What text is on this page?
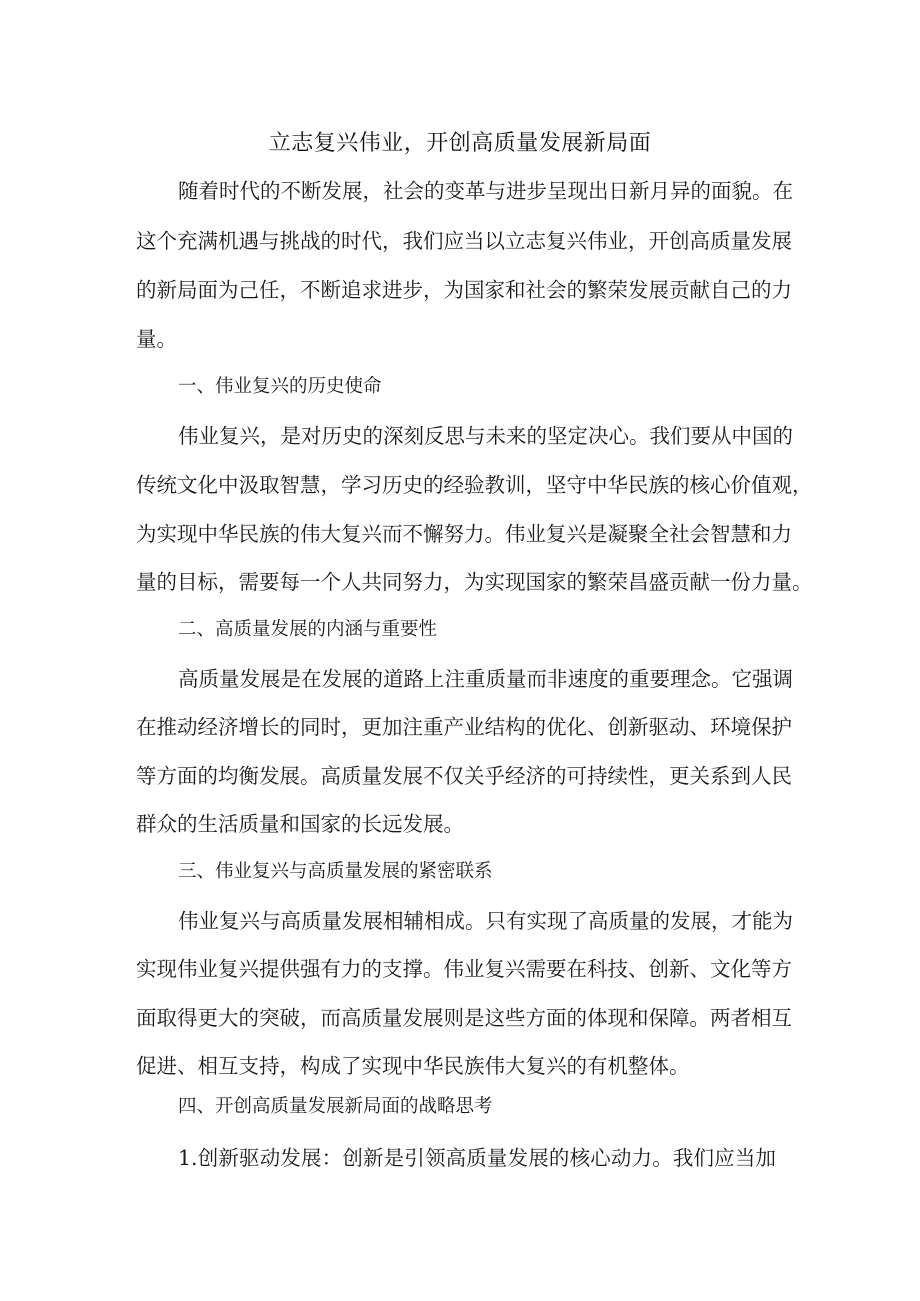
立志复兴伟业，开创高质量发展新局面

随着时代的不断发展，社会的变革与进步呈现出日新月异的面貌。在

这个充满机遇与挑战的时代，我们应当以立志复兴伟业，开创高质量发展

的新局面为己任，不断追求进步，为国家和社会的繁荣发展贡献自己的力

量。

一、伟业复兴的历史使命

伟业复兴，是对历史的深刻反思与未来的坚定决心。我们要从中国的

传统文化中汲取智慧，学习历史的经验教训，坚守中华民族的核心价值观，

为实现中华民族的伟大复兴而不懈努力。伟业复兴是凝聚全社会智慧和力

量的目标，需要每一个人共同努力，为实现国家的繁荣昌盛贡献一份力量。

二、高质量发展的内涵与重要性

高质量发展是在发展的道路上注重质量而非速度的重要理念。它强调

在推动经济增长的同时，更加注重产业结构的优化、创新驱动、环境保护

等方面的均衡发展。高质量发展不仅关乎经济的可持续性，更关系到人民

群众的生活质量和国家的长远发展。

三、伟业复兴与高质量发展的紧密联系

伟业复兴与高质量发展相辅相成。只有实现了高质量的发展，才能为

实现伟业复兴提供强有力的支撑。伟业复兴需要在科技、创新、文化等方

面取得更大的突破，而高质量发展则是这些方面的体现和保障。两者相互

促进、相互支持，构成了实现中华民族伟大复兴的有机整体。

四、开创高质量发展新局面的战略思考

1.创新驱动发展：创新是引领高质量发展的核心动力。我们应当加
